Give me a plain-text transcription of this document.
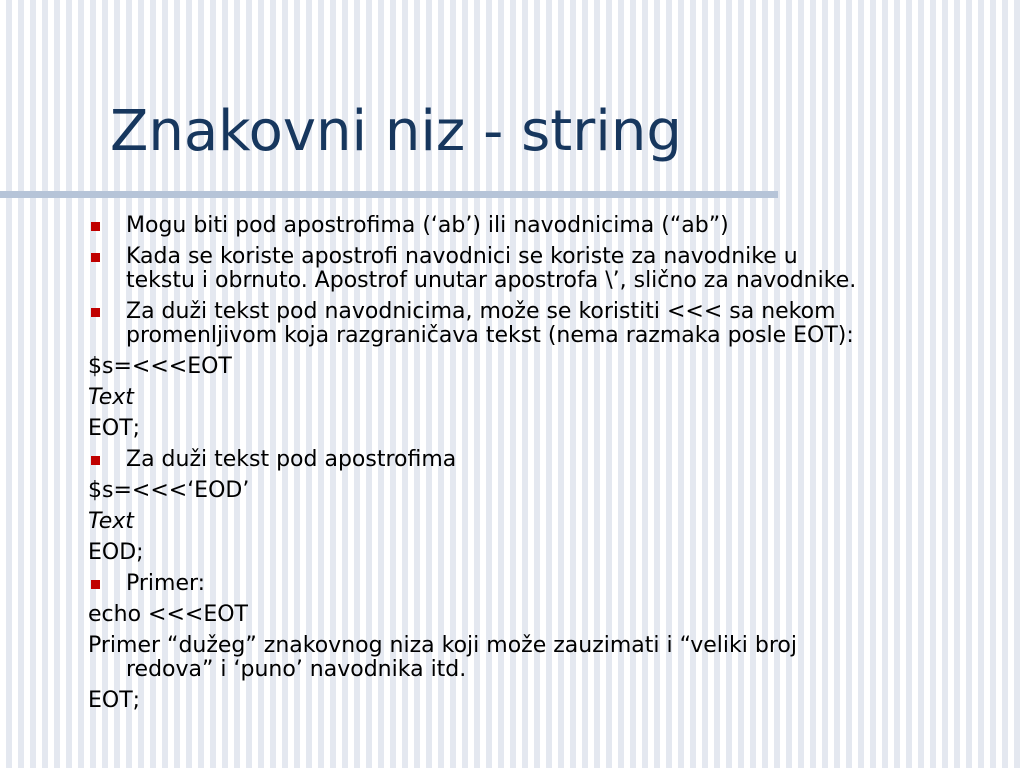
Znakovni niz - string
Mogu biti pod apostrofima (‘ab’) ili navodnicima (“ab”)
Kada se koriste apostrofi navodnici se koriste za navodnike u
tekstu i obrnuto. Apostrof unutar apostrofa \’, slično za navodnike.
Za duži tekst pod navodnicima, može se koristiti <<< sa nekom
promenljivom koja razgraničava tekst (nema razmaka posle EOT):
$s=<<<EOT
Text
EOT;
Za duži tekst pod apostrofima
$s=<<<‘EOD’
Text
EOD;
Primer:
echo <<<EOT
Primer “dužeg” znakovnog niza koji može zauzimati i “veliki broj
redova” i ‘puno’ navodnika itd.
EOT;
